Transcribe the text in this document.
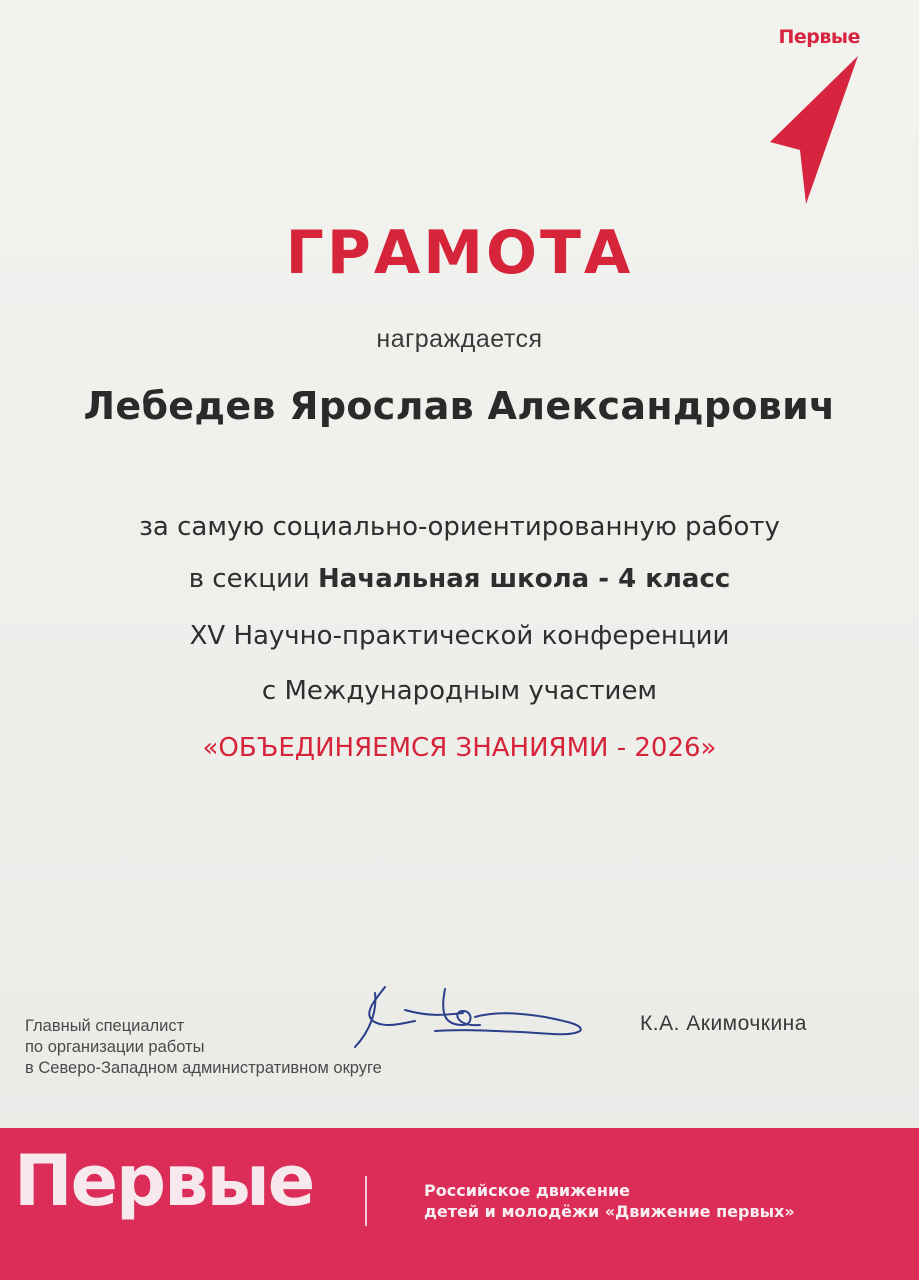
Первые
ГРАМОТА
награждается
Лебедев Ярослав Александрович
за самую социально-ориентированную работу
в секции Начальная школа - 4 класс
XV Научно-практической конференции
с Международным участием
«ОБЪЕДИНЯЕМСЯ ЗНАНИЯМИ - 2026»
Главный специалист
по организации работы
в Северо-Западном административном округе
К.А. Акимочкина
Первые	Российское движение
детей и молодёжи «Движение первых»
